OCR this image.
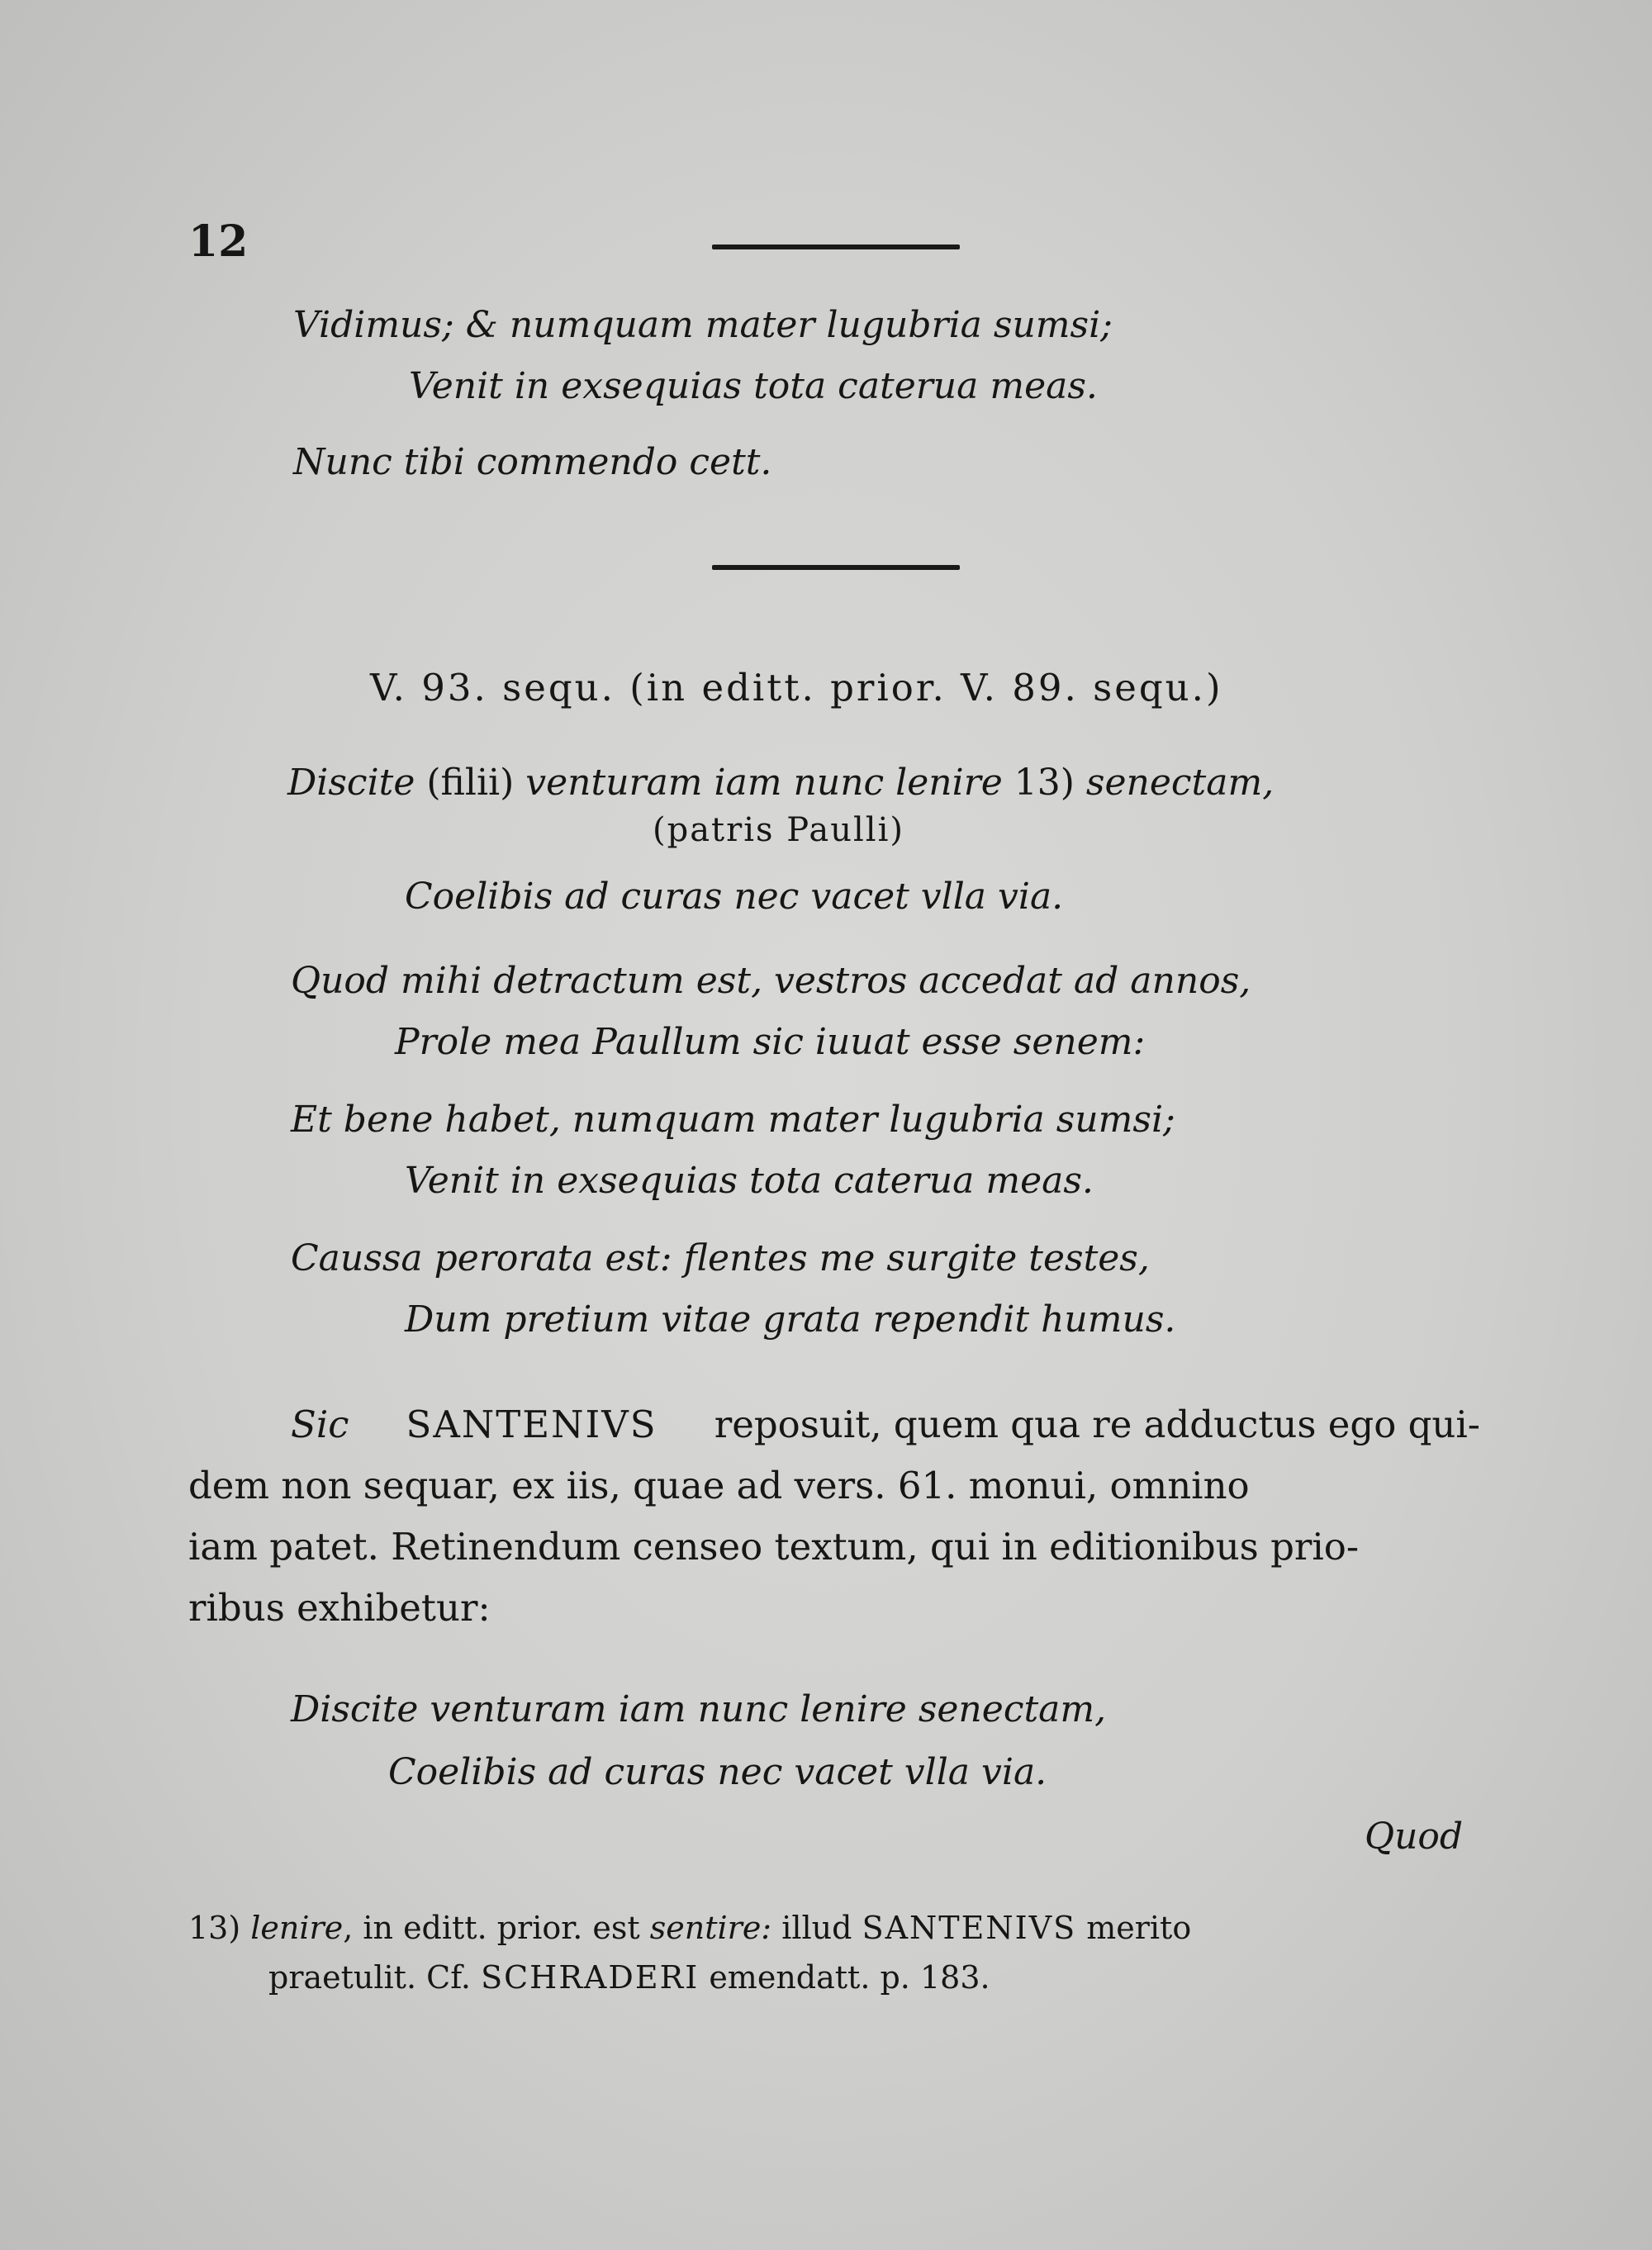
12
Vidimus; & numquam mater lugubria sumsi;
Venit in exsequias tota caterua meas.
Nunc tibi commendo cett.
V. 93. sequ. (in editt. prior. V. 89. sequ.)
Discite (filii) venturam iam nunc lenire 13) senectam,
(patris Paulli)
Coelibis ad curas nec vacet vlla via.
Quod mihi detractum est, vestros accedat ad annos,
Prole mea Paullum sic iuuat esse senem:
Et bene habet, numquam mater lugubria sumsi;
Venit in exsequias tota caterua meas.
Caussa perorata est: flentes me surgite testes,
Dum pretium vitae grata rependit humus.
Sic SANTENIVS reposuit, quem qua re adductus ego qui-
dem non sequar, ex iis, quae ad vers. 61. monui, omnino
iam patet. Retinendum censeo textum, qui in editionibus prio-
ribus exhibetur:
Discite venturam iam nunc lenire senectam,
Coelibis ad curas nec vacet vlla via.
Quod
13) lenire, in editt. prior. est sentire: illud SANTENIVS merito
praetulit. Cf. SCHRADERI emendatt. p. 183.
